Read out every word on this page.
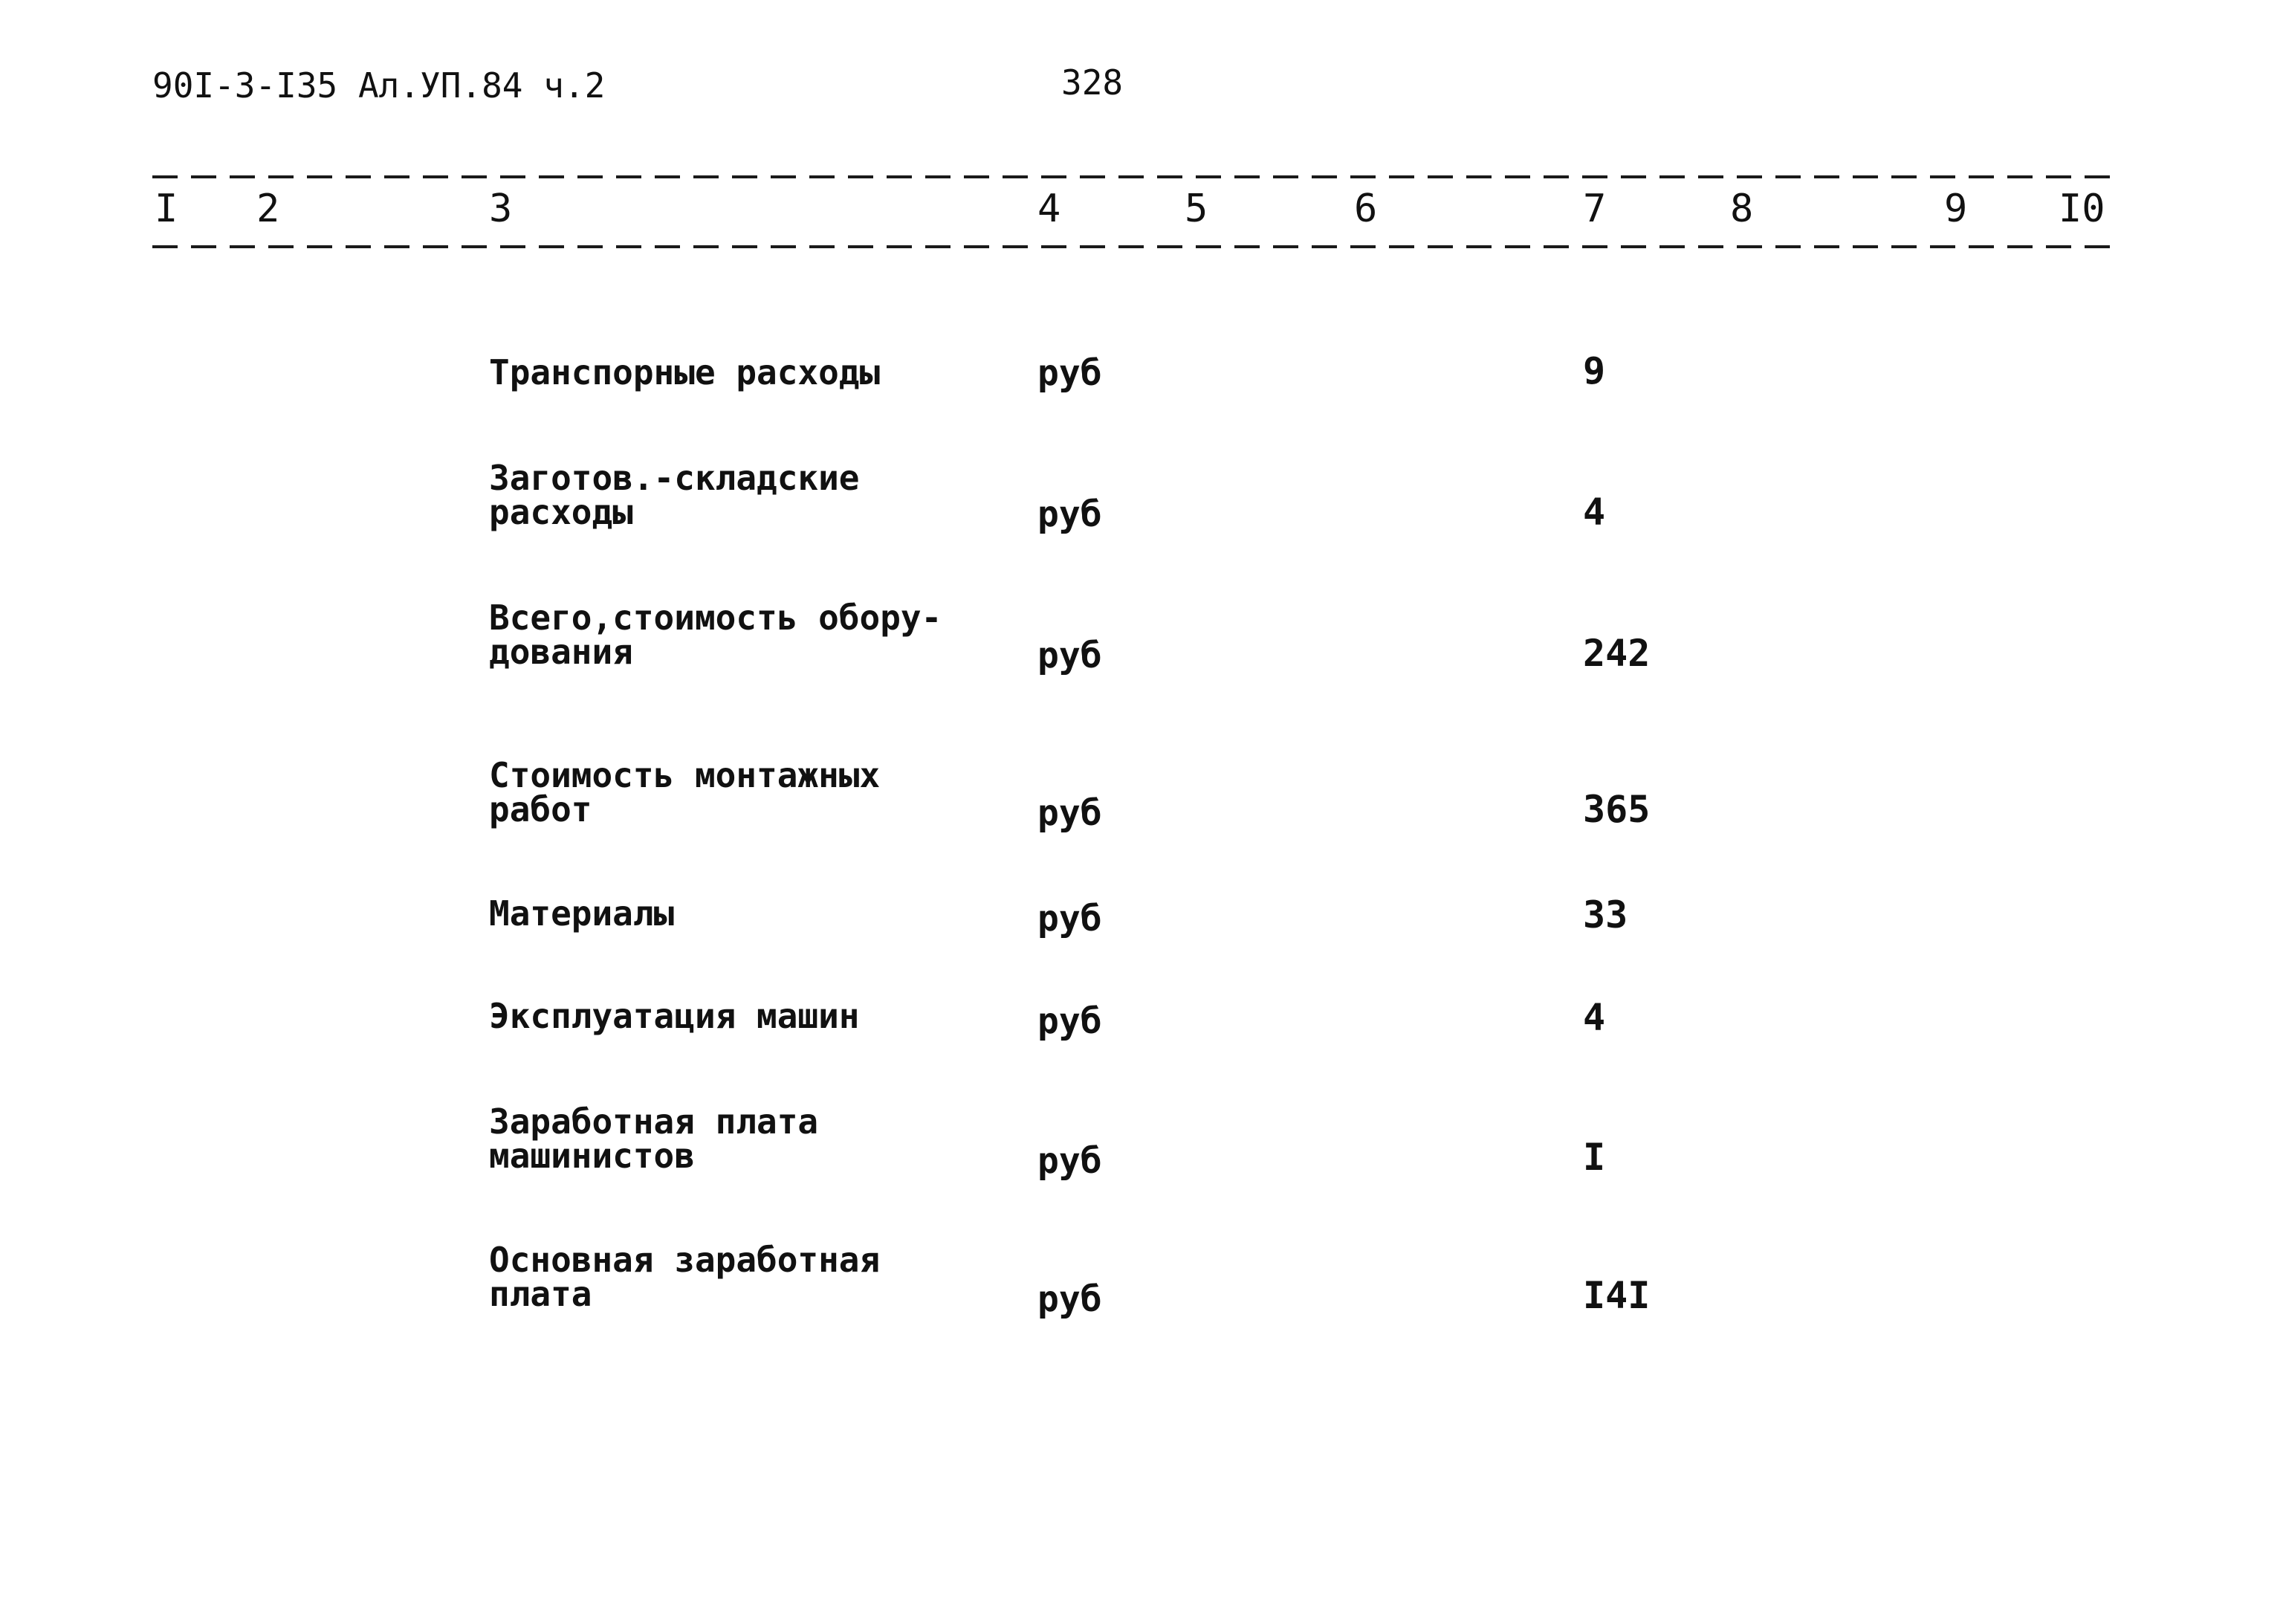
90I-3-I35 Ал.УП.84 ч.2	328
I 2	3	4	5	6	7	8	9 I0
Транспорные расходы	руб	9
Заготов.-складские
расходы	руб	4
Всего,стоимость обору-
дования	руб	242
Стоимость монтажных
работ	руб	365
Материалы	руб	33
Эксплуатация машин	руб	4
Заработная плата
машинистов	руб	I
Основная заработная
плата	руб	I4I
